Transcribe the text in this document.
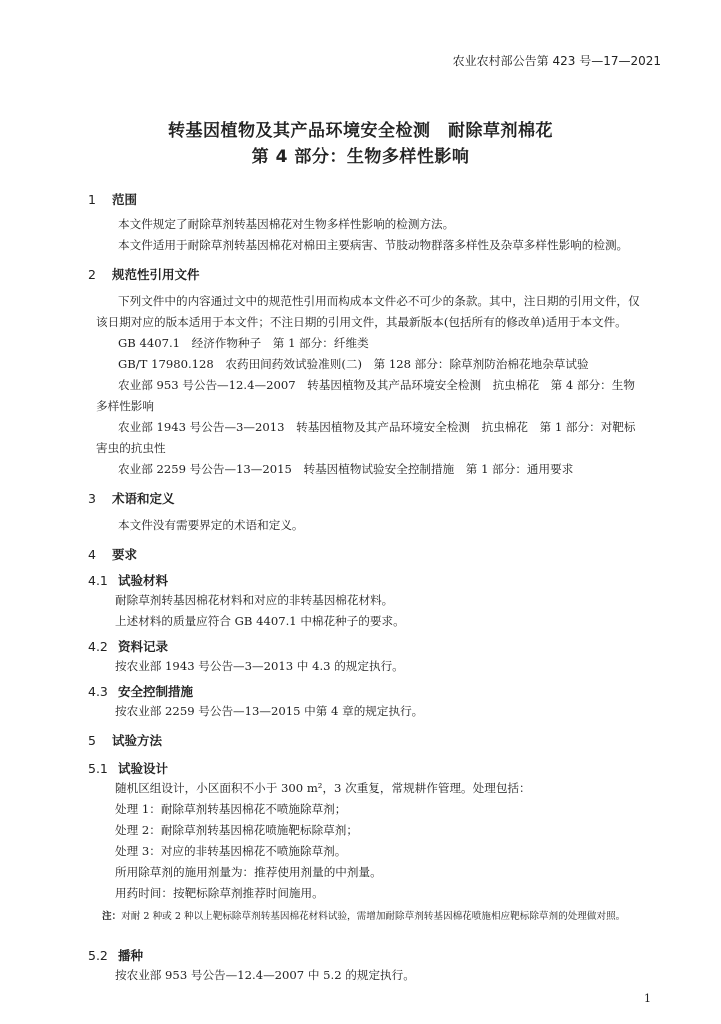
农业农村部公告第 423 号—17—2021
转基因植物及其产品环境安全检测　耐除草剂棉花
第 4 部分：生物多样性影响
1 范围
本文件规定了耐除草剂转基因棉花对生物多样性影响的检测方法。
本文件适用于耐除草剂转基因棉花对棉田主要病害、节肢动物群落多样性及杂草多样性影响的检测。
2 规范性引用文件
下列文件中的内容通过文中的规范性引用而构成本文件必不可少的条款。其中，注日期的引用文件，仅
该日期对应的版本适用于本文件；不注日期的引用文件，其最新版本(包括所有的修改单)适用于本文件。
GB 4407.1　经济作物种子　第 1 部分：纤维类
GB/T 17980.128　农药田间药效试验准则(二)　第 128 部分：除草剂防治棉花地杂草试验
农业部 953 号公告—12.4—2007　转基因植物及其产品环境安全检测　抗虫棉花　第 4 部分：生物
多样性影响
农业部 1943 号公告—3—2013　转基因植物及其产品环境安全检测　抗虫棉花　第 1 部分：对靶标
害虫的抗虫性
农业部 2259 号公告—13—2015　转基因植物试验安全控制措施　第 1 部分：通用要求
3 术语和定义
本文件没有需要界定的术语和定义。
4 要求
4.1 试验材料
耐除草剂转基因棉花材料和对应的非转基因棉花材料。
上述材料的质量应符合 GB 4407.1 中棉花种子的要求。
4.2 资料记录
按农业部 1943 号公告—3—2013 中 4.3 的规定执行。
4.3 安全控制措施
按农业部 2259 号公告—13—2015 中第 4 章的规定执行。
5 试验方法
5.1 试验设计
随机区组设计，小区面积不小于 300 m²，3 次重复，常规耕作管理。处理包括：
处理 1：耐除草剂转基因棉花不喷施除草剂；
处理 2：耐除草剂转基因棉花喷施靶标除草剂；
处理 3：对应的非转基因棉花不喷施除草剂。
所用除草剂的施用剂量为：推荐使用剂量的中剂量。
用药时间：按靶标除草剂推荐时间施用。
注：对耐 2 种或 2 种以上靶标除草剂转基因棉花材料试验，需增加耐除草剂转基因棉花喷施相应靶标除草剂的处理做对照。
5.2 播种
按农业部 953 号公告—12.4—2007 中 5.2 的规定执行。
1
